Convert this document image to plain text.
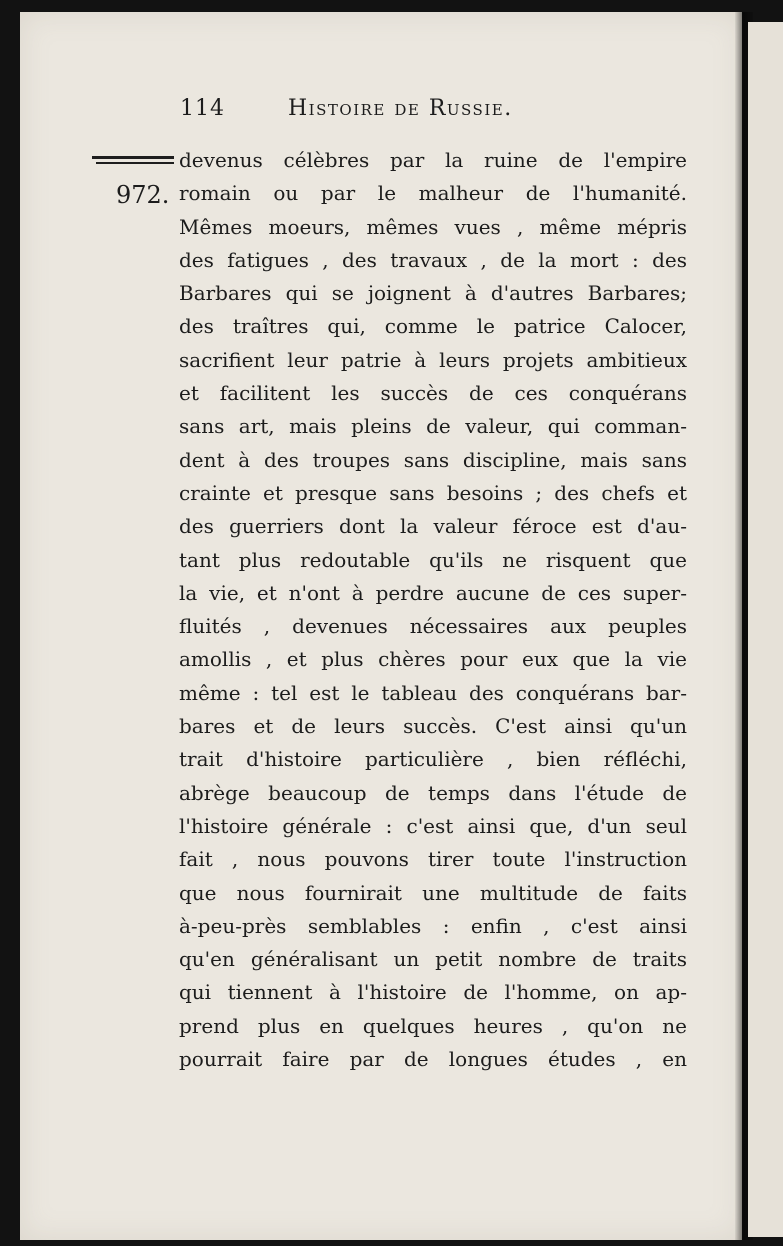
114	Histoire de Russie.
972.
devenus célèbres par la ruine de l'empire
romain ou par le malheur de l'humanité.
Mêmes moeurs, mêmes vues , même mépris
des fatigues , des travaux , de la mort : des
Barbares qui se joignent à d'autres Barbares;
des traîtres qui, comme le patrice Calocer,
sacrifient leur patrie à leurs projets ambitieux
et facilitent les succès de ces conquérans
sans art, mais pleins de valeur, qui comman-
dent à des troupes sans discipline, mais sans
crainte et presque sans besoins ; des chefs et
des guerriers dont la valeur féroce est d'au-
tant plus redoutable qu'ils ne risquent que
la vie, et n'ont à perdre aucune de ces super-
fluités , devenues nécessaires aux peuples
amollis , et plus chères pour eux que la vie
même : tel est le tableau des conquérans bar-
bares et de leurs succès. C'est ainsi qu'un
trait d'histoire particulière , bien réfléchi,
abrège beaucoup de temps dans l'étude de
l'histoire générale : c'est ainsi que, d'un seul
fait , nous pouvons tirer toute l'instruction
que nous fournirait une multitude de faits
à-peu-près semblables : enfin , c'est ainsi
qu'en généralisant un petit nombre de traits
qui tiennent à l'histoire de l'homme, on ap-
prend plus en quelques heures , qu'on ne
pourrait faire par de longues études , en
